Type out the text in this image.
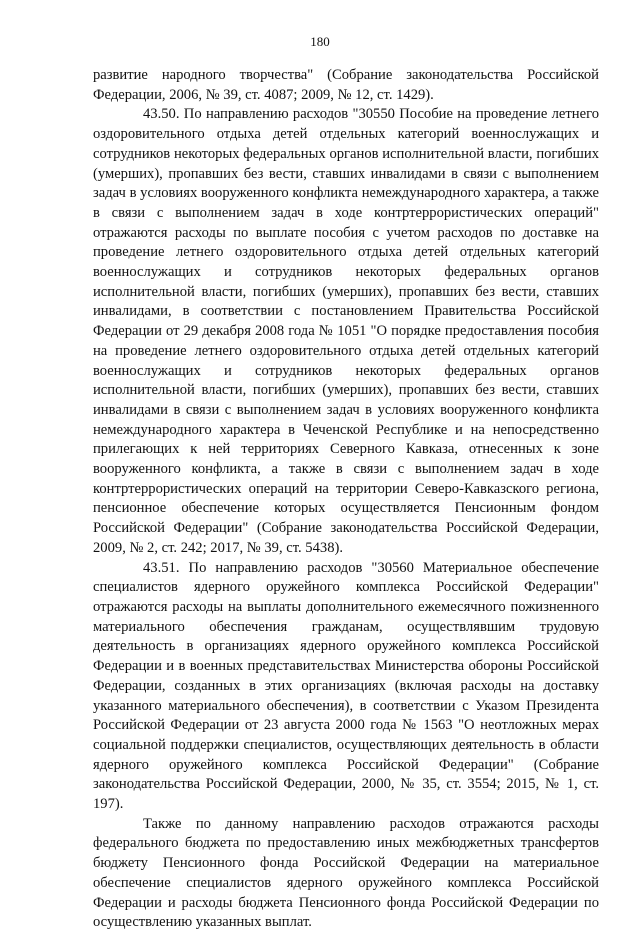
180

развитие народного творчества" (Собрание законодательства Российской Федерации, 2006, № 39, ст. 4087; 2009, № 12, ст. 1429).

43.50. По направлению расходов "30550 Пособие на проведение летнего оздоровительного отдыха детей отдельных категорий военнослужащих и сотрудников некоторых федеральных органов исполнительной власти, погибших (умерших), пропавших без вести, ставших инвалидами в связи с выполнением задач в условиях вооруженного конфликта немеждународного характера, а также в связи с выполнением задач в ходе контртеррористических операций" отражаются расходы по выплате пособия с учетом расходов по доставке на проведение летнего оздоровительного отдыха детей отдельных категорий военнослужащих и сотрудников некоторых федеральных органов исполнительной власти, погибших (умерших), пропавших без вести, ставших инвалидами, в соответствии с постановлением Правительства Российской Федерации от 29 декабря 2008 года № 1051 "О порядке предоставления пособия на проведение летнего оздоровительного отдыха детей отдельных категорий военнослужащих и сотрудников некоторых федеральных органов исполнительной власти, погибших (умерших), пропавших без вести, ставших инвалидами в связи с выполнением задач в условиях вооруженного конфликта немеждународного характера в Чеченской Республике и на непосредственно прилегающих к ней территориях Северного Кавказа, отнесенных к зоне вооруженного конфликта, а также в связи с выполнением задач в ходе контртеррористических операций на территории Северо-Кавказского региона, пенсионное обеспечение которых осуществляется Пенсионным фондом Российской Федерации" (Собрание законодательства Российской Федерации, 2009, № 2, ст. 242; 2017, № 39, ст. 5438).

43.51. По направлению расходов "30560 Материальное обеспечение специалистов ядерного оружейного комплекса Российской Федерации" отражаются расходы на выплаты дополнительного ежемесячного пожизненного материального обеспечения гражданам, осуществлявшим трудовую деятельность в организациях ядерного оружейного комплекса Российской Федерации и в военных представительствах Министерства обороны Российской Федерации, созданных в этих организациях (включая расходы на доставку указанного материального обеспечения), в соответствии с Указом Президента Российской Федерации от 23 августа 2000 года № 1563 "О неотложных мерах социальной поддержки специалистов, осуществляющих деятельность в области ядерного оружейного комплекса Российской Федерации" (Собрание законодательства Российской Федерации, 2000, № 35, ст. 3554; 2015, № 1, ст. 197).

Также по данному направлению расходов отражаются расходы федерального бюджета по предоставлению иных межбюджетных трансфертов бюджету Пенсионного фонда Российской Федерации на материальное обеспечение специалистов ядерного оружейного комплекса Российской Федерации и расходы бюджета Пенсионного фонда Российской Федерации по осуществлению указанных выплат.
